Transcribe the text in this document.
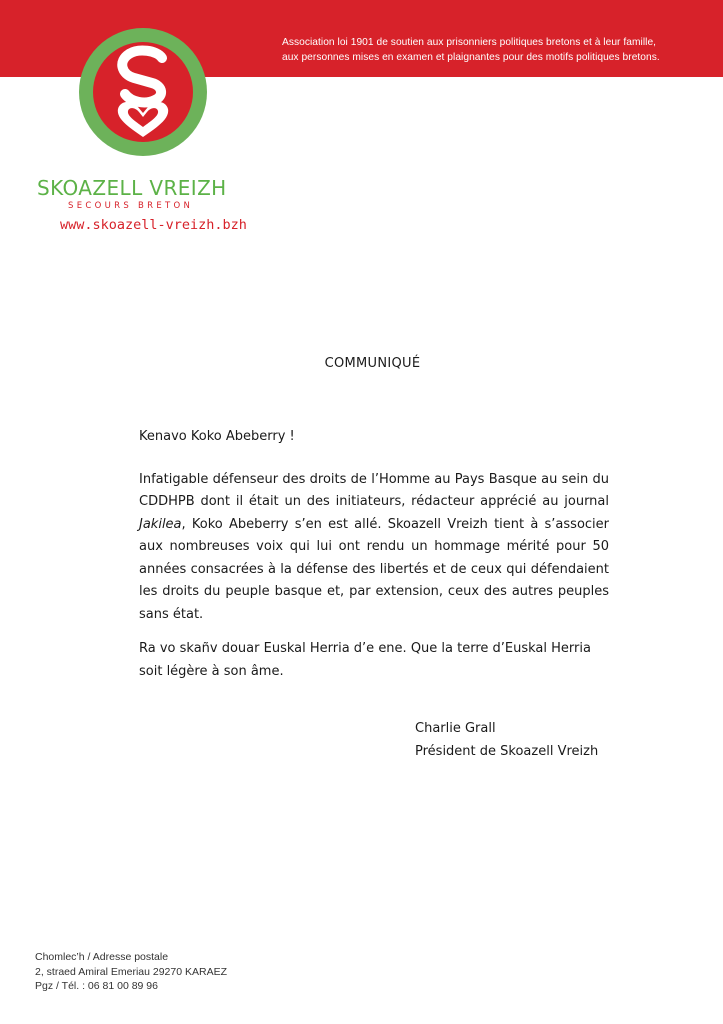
Association loi 1901 de soutien aux prisonniers politiques bretons et à leur famille,
aux personnes mises en examen et plaignantes pour des motifs politiques bretons.
SKOAZELL VREIZH
SECOURS BRETON
www.skoazell-vreizh.bzh
COMMUNIQUÉ

Kenavo Koko Abeberry !

Infatigable défenseur des droits de l’Homme au Pays Basque au sein du CDDHPB dont il était un des initiateurs, rédacteur apprécié au journal Jakilea, Koko Abeberry s’en est allé. Skoazell Vreizh tient à s’associer aux nombreuses voix qui lui ont rendu un hommage mérité pour 50 années consacrées à la défense des libertés et de ceux qui défendaient les droits du peuple basque et, par extension, ceux des autres peuples sans état.

Ra vo skañv douar Euskal Herria d’e ene. Que la terre d’Euskal Herria soit légère à son âme.

Charlie Grall
Président de Skoazell Vreizh
Chomlec’h / Adresse postale
2, straed Amiral Emeriau 29270 KARAEZ
Pgz / Tél. : 06 81 00 89 96
